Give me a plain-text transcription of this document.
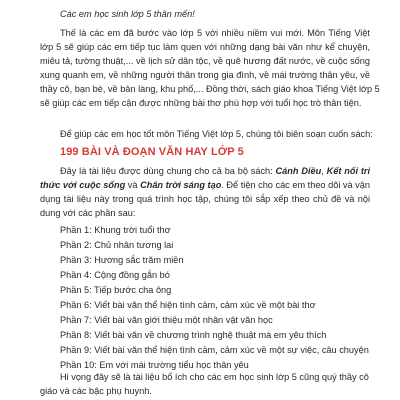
Các em học sinh lớp 5 thân mến!
Thế là các em đã bước vào lớp 5 với nhiều niềm vui mới. Môn Tiếng Việt
lớp 5 sẽ giúp các em tiếp tục làm quen với những dạng bài văn như kể chuyện,
miêu tả, tường thuật,... về lịch sử dân tộc, về quê hương đất nước, về cuộc sống
xung quanh em, về những người thân trong gia đình, về mái trường thân yêu, về
thầy cô, bạn bè, về bản làng, khu phố,... Đồng thời, sách giáo khoa Tiếng Việt lớp 5
sẽ giúp các em tiếp cận được những bài thơ phù hợp với tuổi học trò thân tiện.
Để giúp các em học tốt môn Tiếng Việt lớp 5, chúng tôi biên soạn cuốn sách:
199 BÀI VÀ ĐOẠN VĂN HAY LỚP 5
Đây là tài liệu được dùng chung cho cả ba bộ sách: Cánh Diều, Kết nối tri
thức với cuộc sống và Chân trời sáng tạo. Để tiện cho các em theo dõi và vận
dụng tài liệu này trong quá trình học tập, chúng tôi sắp xếp theo chủ đề và nội
dung với các phần sau:
Phần 1: Khung trời tuổi thơ
Phần 2: Chủ nhân tương lai
Phần 3: Hương sắc trăm miền
Phần 4: Cộng đồng gắn bó
Phần 5: Tiếp bước cha ông
Phần 6: Viết bài văn thể hiện tình cảm, cảm xúc về một bài thơ
Phần 7: Viết bài văn giới thiệu một nhân vật văn học
Phần 8: Viết bài văn về chương trình nghệ thuật mà em yêu thích
Phần 9: Viết bài văn thể hiện tình cảm, cảm xúc về một sự việc, câu chuyện
Phần 10: Em với mái trường tiểu học thân yêu
Hi vọng đây sẽ là tài liệu bổ ích cho các em học sinh lớp 5 cũng quý thầy cô
giáo và các bậc phụ huynh.
